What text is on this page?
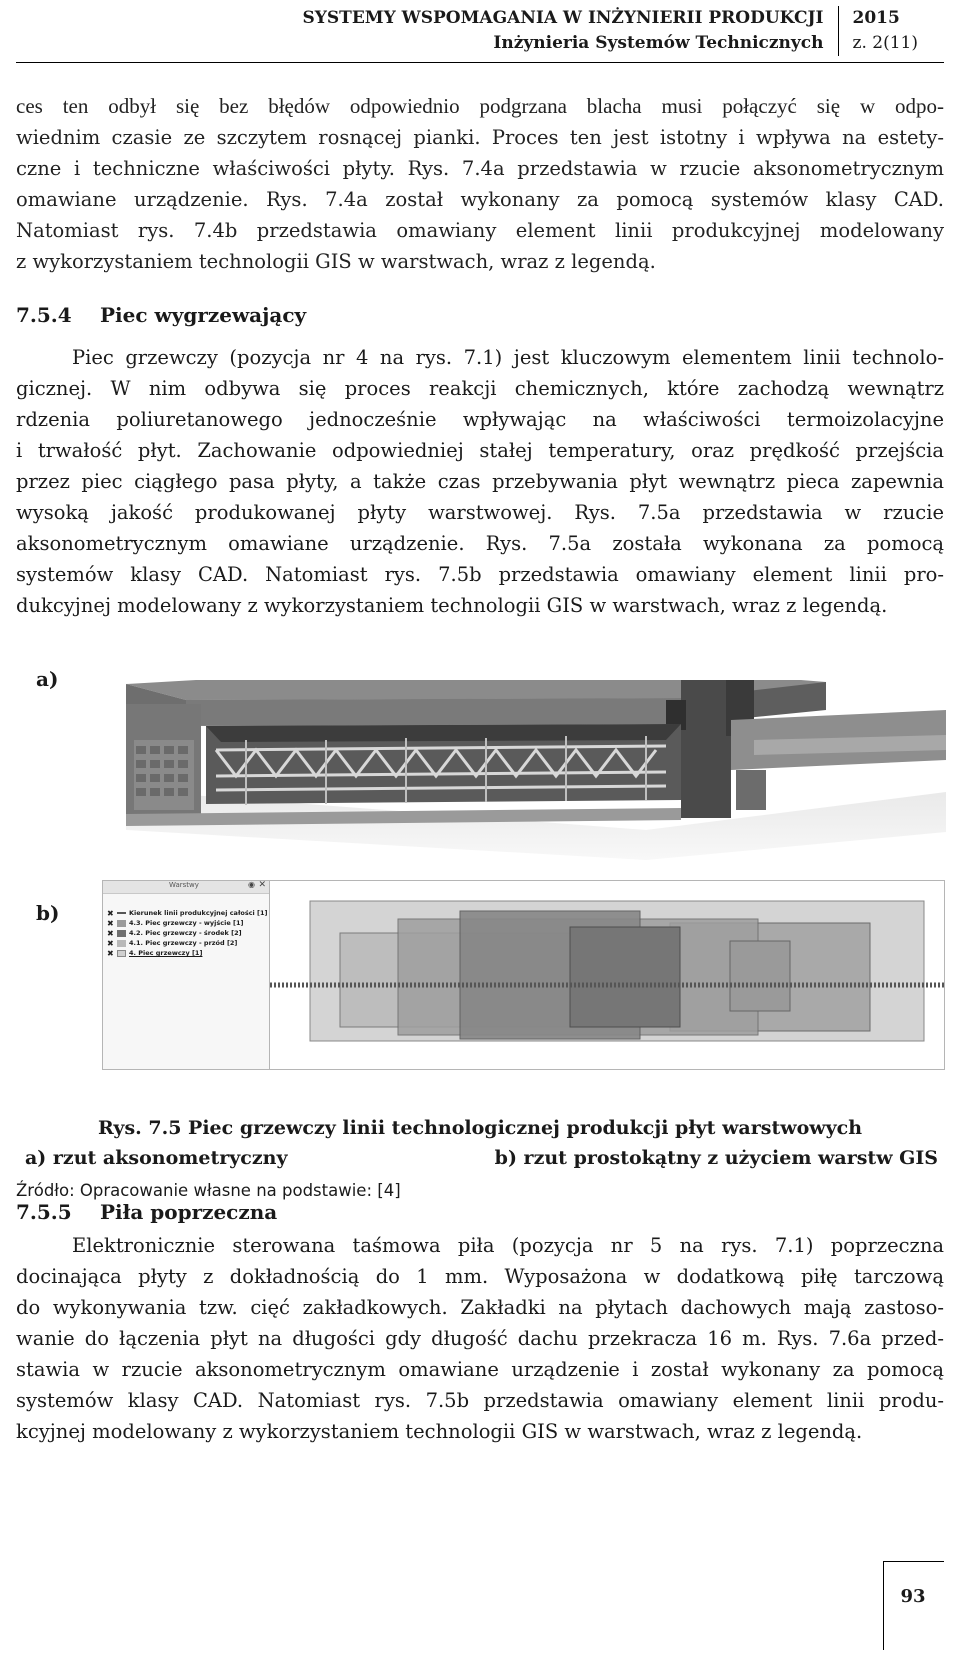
SYSTEMY WSPOMAGANIA W INŻYNIERII PRODUKCJI
Inżynieria Systemów Technicznych
2015
z. 2(11)
ces ten odbył się bez błędów odpowiednio podgrzana blacha musi połączyć się w odpo-
wiednim czasie ze szczytem rosnącej pianki. Proces ten jest istotny i wpływa na estety-
czne i techniczne właściwości płyty. Rys. 7.4a przedstawia w rzucie aksonometrycznym
omawiane urządzenie. Rys. 7.4a został wykonany za pomocą systemów klasy CAD.
Natomiast rys. 7.4b przedstawia omawiany element linii produkcyjnej modelowany
z wykorzystaniem technologii GIS w warstwach, wraz z legendą.
7.5.4 Piec wygrzewający
Piec grzewczy (pozycja nr 4 na rys. 7.1) jest kluczowym elementem linii technolo-
gicznej. W nim odbywa się proces reakcji chemicznych, które zachodzą wewnątrz
rdzenia poliuretanowego jednocześnie wpływając na właściwości termoizolacyjne
i trwałość płyt. Zachowanie odpowiedniej stałej temperatury, oraz prędkość przejścia
przez piec ciągłego pasa płyty, a także czas przebywania płyt wewnątrz pieca zapewnia
wysoką jakość produkowanej płyty warstwowej. Rys. 7.5a przedstawia w rzucie
aksonometrycznym omawiane urządzenie. Rys. 7.5a została wykonana za pomocą
systemów klasy CAD. Natomiast rys. 7.5b przedstawia omawiany element linii pro-
dukcyjnej modelowany z wykorzystaniem technologii GIS w warstwach, wraz z legendą.
a)
b)
Warstwy	✕
◉
✖	Kierunek linii produkcyjnej całości [1]
✖	4.3. Piec grzewczy - wyjście [1]
✖	4.2. Piec grzewczy - środek [2]
✖	4.1. Piec grzewczy - przód [2]
✖	4. Piec grzewczy [1]
Rys. 7.5 Piec grzewczy linii technologicznej produkcji płyt warstwowych
a) rzut aksonometryczny	b) rzut prostokątny z użyciem warstw GIS
Źródło: Opracowanie własne na podstawie: [4]
7.5.5 Piła poprzeczna
Elektronicznie sterowana taśmowa piła (pozycja nr 5 na rys. 7.1) poprzeczna
docinająca płyty z dokładnością do 1 mm. Wyposażona w dodatkową piłę tarczową
do wykonywania tzw. cięć zakładkowych. Zakładki na płytach dachowych mają zastoso-
wanie do łączenia płyt na długości gdy długość dachu przekracza 16 m. Rys. 7.6a przed-
stawia w rzucie aksonometrycznym omawiane urządzenie i został wykonany za pomocą
systemów klasy CAD. Natomiast rys. 7.5b przedstawia omawiany element linii produ-
kcyjnej modelowany z wykorzystaniem technologii GIS w warstwach, wraz z legendą.
93
